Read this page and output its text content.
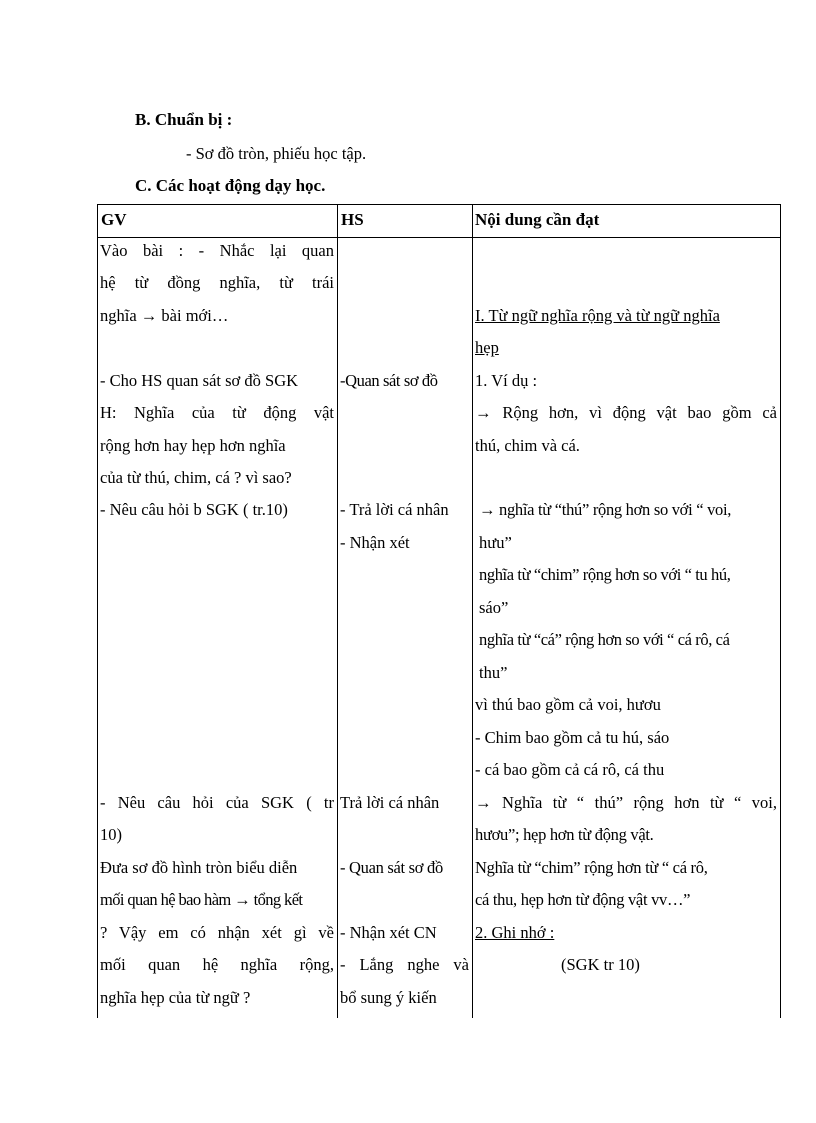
B. Chuẩn bị :
- Sơ đồ tròn, phiếu học tập.
C. Các hoạt động dạy học.
GV	HS	Nội dung cần đạt
Vào bài : - Nhắc lại quan
hệ từ đồng nghĩa, từ trái
nghĩa → bài mới…
- Cho HS quan sát sơ đồ SGK
H: Nghĩa của từ động vật
rộng hơn hay hẹp hơn nghĩa
của từ thú, chim, cá ? vì sao?
- Nêu câu hỏi b SGK ( tr.10)
- Nêu câu hỏi của SGK ( tr
10)
Đưa sơ đồ hình tròn biểu diễn
mối quan hệ bao hàm → tổng kết
? Vậy em có nhận xét gì về
mối quan hệ nghĩa rộng,
nghĩa hẹp của từ ngữ ?
-Quan sát sơ đồ
- Trả lời cá nhân
- Nhận xét
Trả lời cá nhân
- Quan sát sơ đồ
- Nhận xét CN
- Lắng nghe và
bổ sung ý kiến
I. Từ ngữ nghĩa rộng và từ ngữ nghĩa
hẹp
1. Ví dụ :
→ Rộng hơn, vì động vật bao gồm cả
thú, chim và cá.
→ nghĩa từ “thú” rộng hơn so với “ voi,
hưu”
nghĩa từ “chim” rộng hơn so với “ tu hú,
sáo”
nghĩa từ “cá” rộng hơn so với “ cá rô, cá
thu”
vì thú bao gồm cả voi, hươu
- Chim bao gồm cả tu hú, sáo
- cá bao gồm cả cá rô, cá thu
→ Nghĩa từ “ thú” rộng hơn từ “ voi,
hươu”; hẹp hơn từ động vật.
Nghĩa từ “chim” rộng hơn từ “ cá rô,
cá thu, hẹp hơn từ động vật vv…”
2. Ghi nhớ :
(SGK tr 10)
